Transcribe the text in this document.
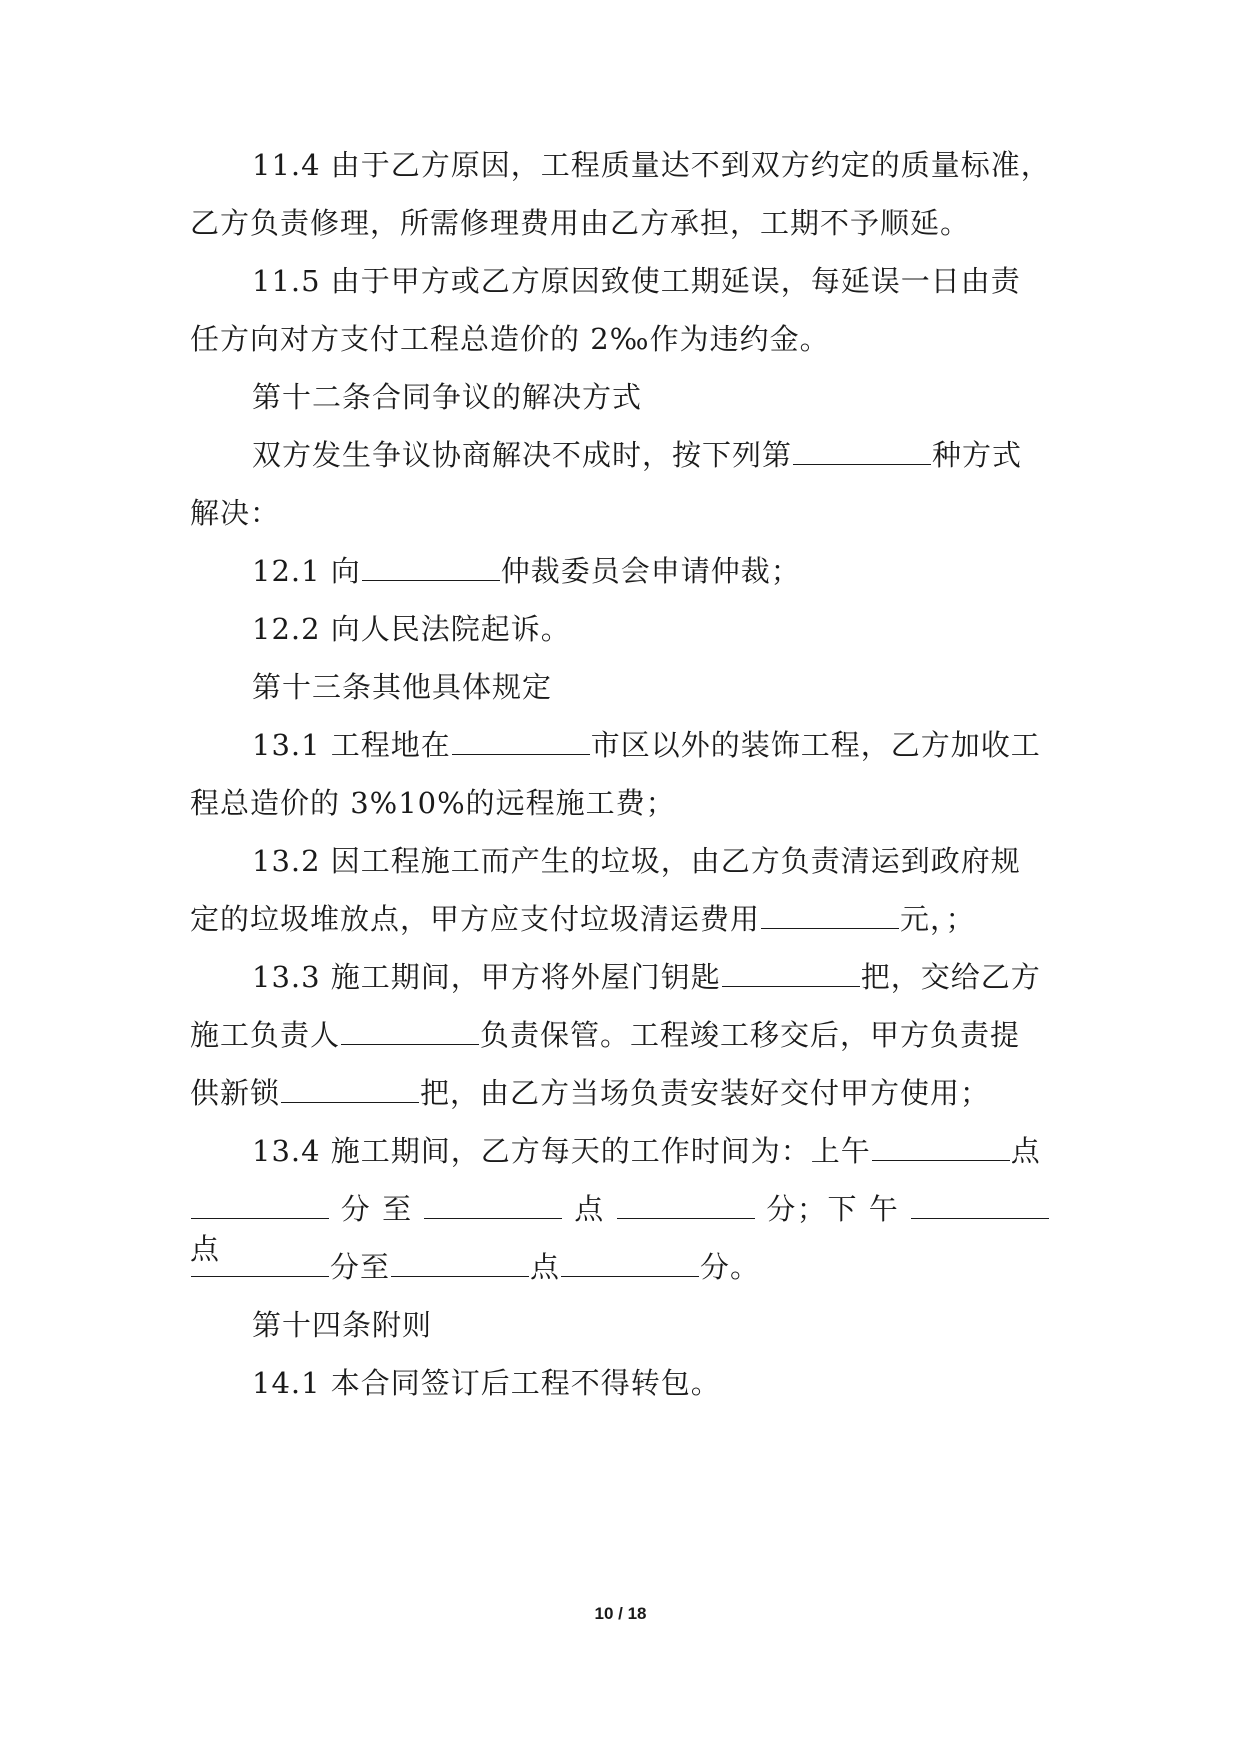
11.4 由于乙方原因，工程质量达不到双方约定的质量标准，
乙方负责修理，所需修理费用由乙方承担，工期不予顺延。
11.5 由于甲方或乙方原因致使工期延误，每延误一日由责
任方向对方支付工程总造价的 2‰作为违约金。
第十二条合同争议的解决方式
双方发生争议协商解决不成时，按下列第	种方式
解决：
12.1 向	仲裁委员会申请仲裁；
12.2 向人民法院起诉。
第十三条其他具体规定
13.1 工程地在	市区以外的装饰工程，乙方加收工
程总造价的 3%10%的远程施工费；
13.2 因工程施工而产生的垃圾，由乙方负责清运到政府规
定的垃圾堆放点，甲方应支付垃圾清运费用	元，；
13.3 施工期间，甲方将外屋门钥匙	把，交给乙方
施工负责人	负责保管。工程竣工移交后，甲方负责提
供新锁	把，由乙方当场负责安装好交付甲方使用；
13.4 施工期间，乙方每天的工作时间为：上午	点
分 至	点	分；下 午  点
分至	点	分。
第十四条附则
14.1 本合同签订后工程不得转包。
10 / 18
